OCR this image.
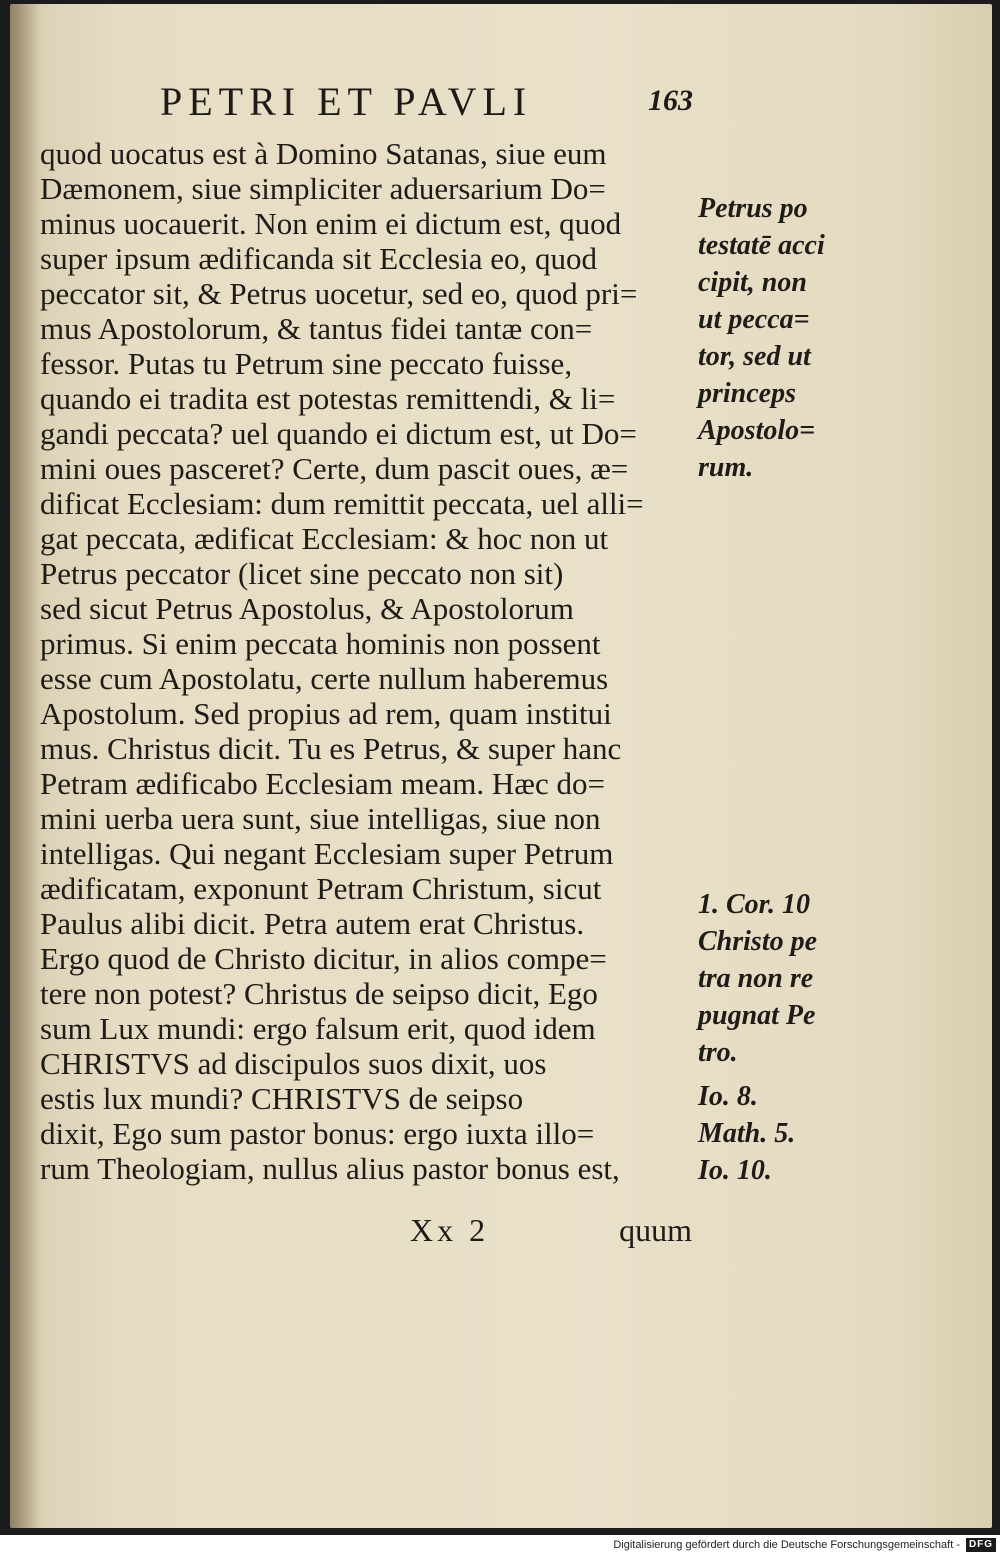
PETRI ET PAVLI	163
quod uocatus est à Domino Satanas, siue eum
Dæmonem, siue simpliciter aduersarium Do=
minus uocauerit. Non enim ei dictum est, quod
super ipsum ædificanda sit Ecclesia eo, quod
peccator sit, & Petrus uocetur, sed eo, quod pri=
mus Apostolorum, & tantus fidei tantæ con=
fessor. Putas tu Petrum sine peccato fuisse,
quando ei tradita est potestas remittendi, & li=
gandi peccata? uel quando ei dictum est, ut Do=
mini oues pasceret? Certe, dum pascit oues, æ=
dificat Ecclesiam: dum remittit peccata, uel alli=
gat peccata, ædificat Ecclesiam: & hoc non ut
Petrus peccator (licet sine peccato non sit)
sed sicut Petrus Apostolus, & Apostolorum
primus. Si enim peccata hominis non possent
esse cum Apostolatu, certe nullum haberemus
Apostolum. Sed propius ad rem, quam institui
mus. Christus dicit. Tu es Petrus, & super hanc
Petram ædificabo Ecclesiam meam. Hæc do=
mini uerba uera sunt, siue intelligas, siue non
intelligas. Qui negant Ecclesiam super Petrum
ædificatam, exponunt Petram Christum, sicut
Paulus alibi dicit. Petra autem erat Christus.
Ergo quod de Christo dicitur, in alios compe=
tere non potest? Christus de seipso dicit, Ego
sum Lux mundi: ergo falsum erit, quod idem
CHRISTVS ad discipulos suos dixit, uos
estis lux mundi? CHRISTVS de seipso
dixit, Ego sum pastor bonus: ergo iuxta illo=
rum Theologiam, nullus alius pastor bonus est,
Xx 2	quum
Petrus po
testatē acci
cipit, non
ut pecca=
tor, sed ut
princeps
Apostolo=
rum.
1. Cor. 10
Christo pe
tra non re
pugnat Pe
tro.
Io. 8.
Math. 5.
Io. 10.
Digitalisierung gefördert durch die Deutsche Forschungsgemeinschaft - DFG
